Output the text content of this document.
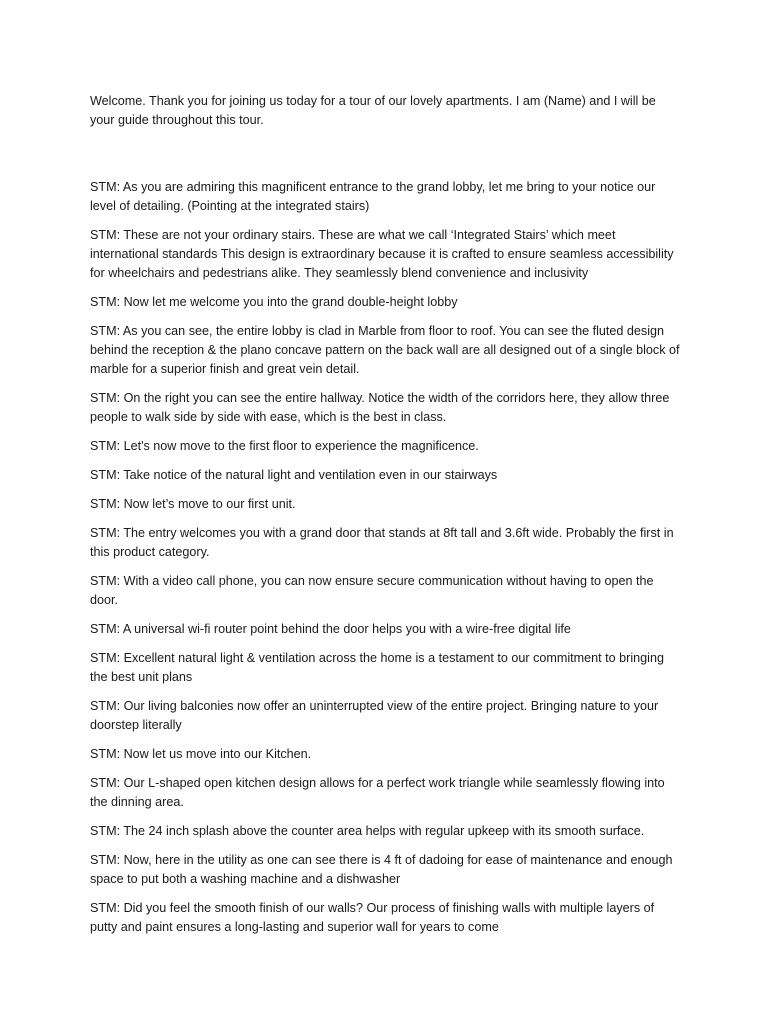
Welcome. Thank you for joining us today for a tour of our lovely apartments. I am (Name) and I will be your guide throughout this tour.

STM: As you are admiring this magnificent entrance to the grand lobby, let me bring to your notice our level of detailing. (Pointing at the integrated stairs)

STM: These are not your ordinary stairs. These are what we call ‘Integrated Stairs’ which meet international standards This design is extraordinary because it is crafted to ensure seamless accessibility for wheelchairs and pedestrians alike. They seamlessly blend convenience and inclusivity

STM: Now let me welcome you into the grand double-height lobby

STM: As you can see, the entire lobby is clad in Marble from floor to roof. You can see the fluted design behind the reception & the plano concave pattern on the back wall are all designed out of a single block of marble for a superior finish and great vein detail.

STM: On the right you can see the entire hallway. Notice the width of the corridors here, they allow three people to walk side by side with ease, which is the best in class.

STM: Let's now move to the first floor to experience the magnificence.

STM: Take notice of the natural light and ventilation even in our stairways

STM: Now let’s move to our first unit.

STM: The entry welcomes you with a grand door that stands at 8ft tall and 3.6ft wide. Probably the first in this product category.

STM: With a video call phone, you can now ensure secure communication without having to open the door.

STM: A universal wi-fi router point behind the door helps you with a wire-free digital life

STM: Excellent natural light & ventilation across the home is a testament to our commitment to bringing the best unit plans

STM: Our living balconies now offer an uninterrupted view of the entire project. Bringing nature to your doorstep literally

STM: Now let us move into our Kitchen.

STM: Our L-shaped open kitchen design allows for a perfect work triangle while seamlessly flowing into the dinning area.

STM: The 24 inch splash above the counter area helps with regular upkeep with its smooth surface.

STM: Now, here in the utility as one can see there is 4 ft of dadoing for ease of maintenance and enough space to put both a washing machine and a dishwasher

STM: Did you feel the smooth finish of our walls? Our process of finishing walls with multiple layers of putty and paint ensures a long-lasting and superior wall for years to come
